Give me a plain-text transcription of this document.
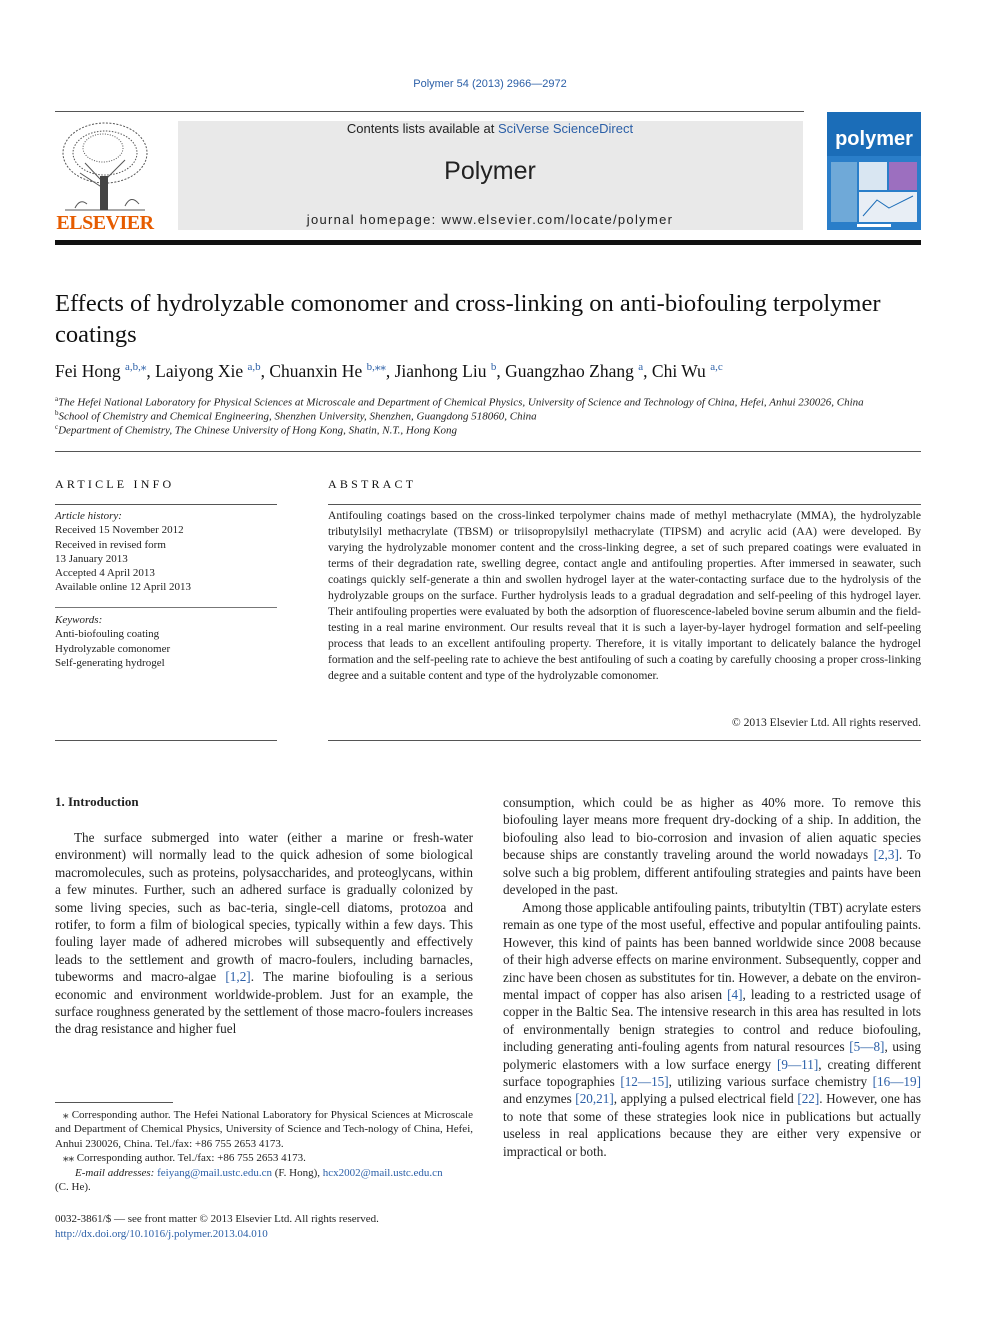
Polymer 54 (2013) 2966—2972
ELSEVIER
Contents lists available at SciVerse ScienceDirect
Polymer
journal homepage: www.elsevier.com/locate/polymer
polymer
Effects of hydrolyzable comonomer and cross-linking on anti-biofouling terpolymer coatings
Fei Hong $^{a,b,⁎}$, Laiyong Xie $^{a,b}$, Chuanxin He $^{b,⁎⁎}$, Jianhong Liu $^b$, Guangzhao Zhang $^a$, Chi Wu $^{a,c}$
$^a$The Hefei National Laboratory for Physical Sciences at Microscale and Department of Chemical Physics, University of Science and Technology of China, Hefei, Anhui 230026, China
$^b$School of Chemistry and Chemical Engineering, Shenzhen University, Shenzhen, Guangdong 518060, China
$^c$Department of Chemistry, The Chinese University of Hong Kong, Shatin, N.T., Hong Kong
ARTICLE INFO
Article history:
Received 15 November 2012
Received in revised form
13 January 2013
Accepted 4 April 2013
Available online 12 April 2013
Keywords:
Anti-biofouling coating
Hydrolyzable comonomer
Self-generating hydrogel
ABSTRACT
Antifouling coatings based on the cross-linked terpolymer chains made of methyl methacrylate (MMA), the hydrolyzable tributylsilyl methacrylate (TBSM) or triisopropylsilyl methacrylate (TIPSM) and acrylic acid (AA) were developed. By varying the hydrolyzable monomer content and the cross-linking degree, a set of such prepared coatings were evaluated in terms of their degradation rate, swelling degree, contact angle and antifouling properties. After immersed in seawater, such coatings quickly self-generate a thin and swollen hydrogel layer at the water-contacting surface due to the hydrolysis of the hydrolyzable groups on the surface. Further hydrolysis leads to a gradual degradation and self-peeling of this hydrogel layer. Their antifouling properties were evaluated by both the adsorption of fluorescence-labeled bovine serum albumin and the field-testing in a real marine environment. Our results reveal that it is such a layer-by-layer hydrogel formation and self-peeling process that leads to an excellent antifouling property. Therefore, it is vitally important to delicately balance the hydrogel formation and the self-peeling rate to achieve the best antifouling of such a coating by carefully choosing a proper cross-linking degree and a suitable content and type of the hydrolyzable comonomer.
© 2013 Elsevier Ltd. All rights reserved.
1. Introduction
The surface submerged into water (either a marine or fresh-water environment) will normally lead to the quick adhesion of some biological macromolecules, such as proteins, polysaccharides, and proteoglycans, within a few minutes. Further, such an adhered surface is gradually colonized by some living species, such as bac-teria, single-cell diatoms, protozoa and rotifer, to form a film of biological species, typically within a few days. This fouling layer made of adhered microbes will subsequently and effectively leads to the settlement and growth of macro-foulers, including barnacles, tubeworms and macro-algae [1,2]. The marine biofouling is a serious economic and environment worldwide-problem. Just for an example, the surface roughness generated by the settlement of those macro-foulers increases the drag resistance and higher fuel
consumption, which could be as higher as 40% more. To remove this biofouling layer means more frequent dry-docking of a ship. In addition, the biofouling also lead to bio-corrosion and invasion of alien aquatic species because ships are constantly traveling around the world nowadays [2,3]. To solve such a big problem, different antifouling strategies and paints have been developed in the past.
Among those applicable antifouling paints, tributyltin (TBT) acrylate esters remain as one type of the most useful, effective and popular antifouling paints. However, this kind of paints has been banned worldwide since 2008 because of their high adverse effects on marine environment. Subsequently, copper and zinc have been chosen as substitutes for tin. However, a debate on the environ-mental impact of copper has also arisen [4], leading to a restricted usage of copper in the Baltic Sea. The intensive research in this area has resulted in lots of environmentally benign strategies to control and reduce biofouling, including generating anti-fouling agents from natural resources [5—8], using polymeric elastomers with a low surface energy [9—11], creating different surface topographies [12—15], utilizing various surface chemistry [16—19] and enzymes [20,21], applying a pulsed electrical field [22]. However, one has to note that some of these strategies look nice in publications but actually useless in real applications because they are either very expensive or impractical or both.
⁎ Corresponding author. The Hefei National Laboratory for Physical Sciences at Microscale and Department of Chemical Physics, University of Science and Tech-nology of China, Hefei, Anhui 230026, China. Tel./fax: +86 755 2653 4173.
⁎⁎ Corresponding author. Tel./fax: +86 755 2653 4173.
E-mail addresses: feiyang@mail.ustc.edu.cn (F. Hong), hcx2002@mail.ustc.edu.cn
(C. He).
0032-3861/$ — see front matter © 2013 Elsevier Ltd. All rights reserved.
http://dx.doi.org/10.1016/j.polymer.2013.04.010
